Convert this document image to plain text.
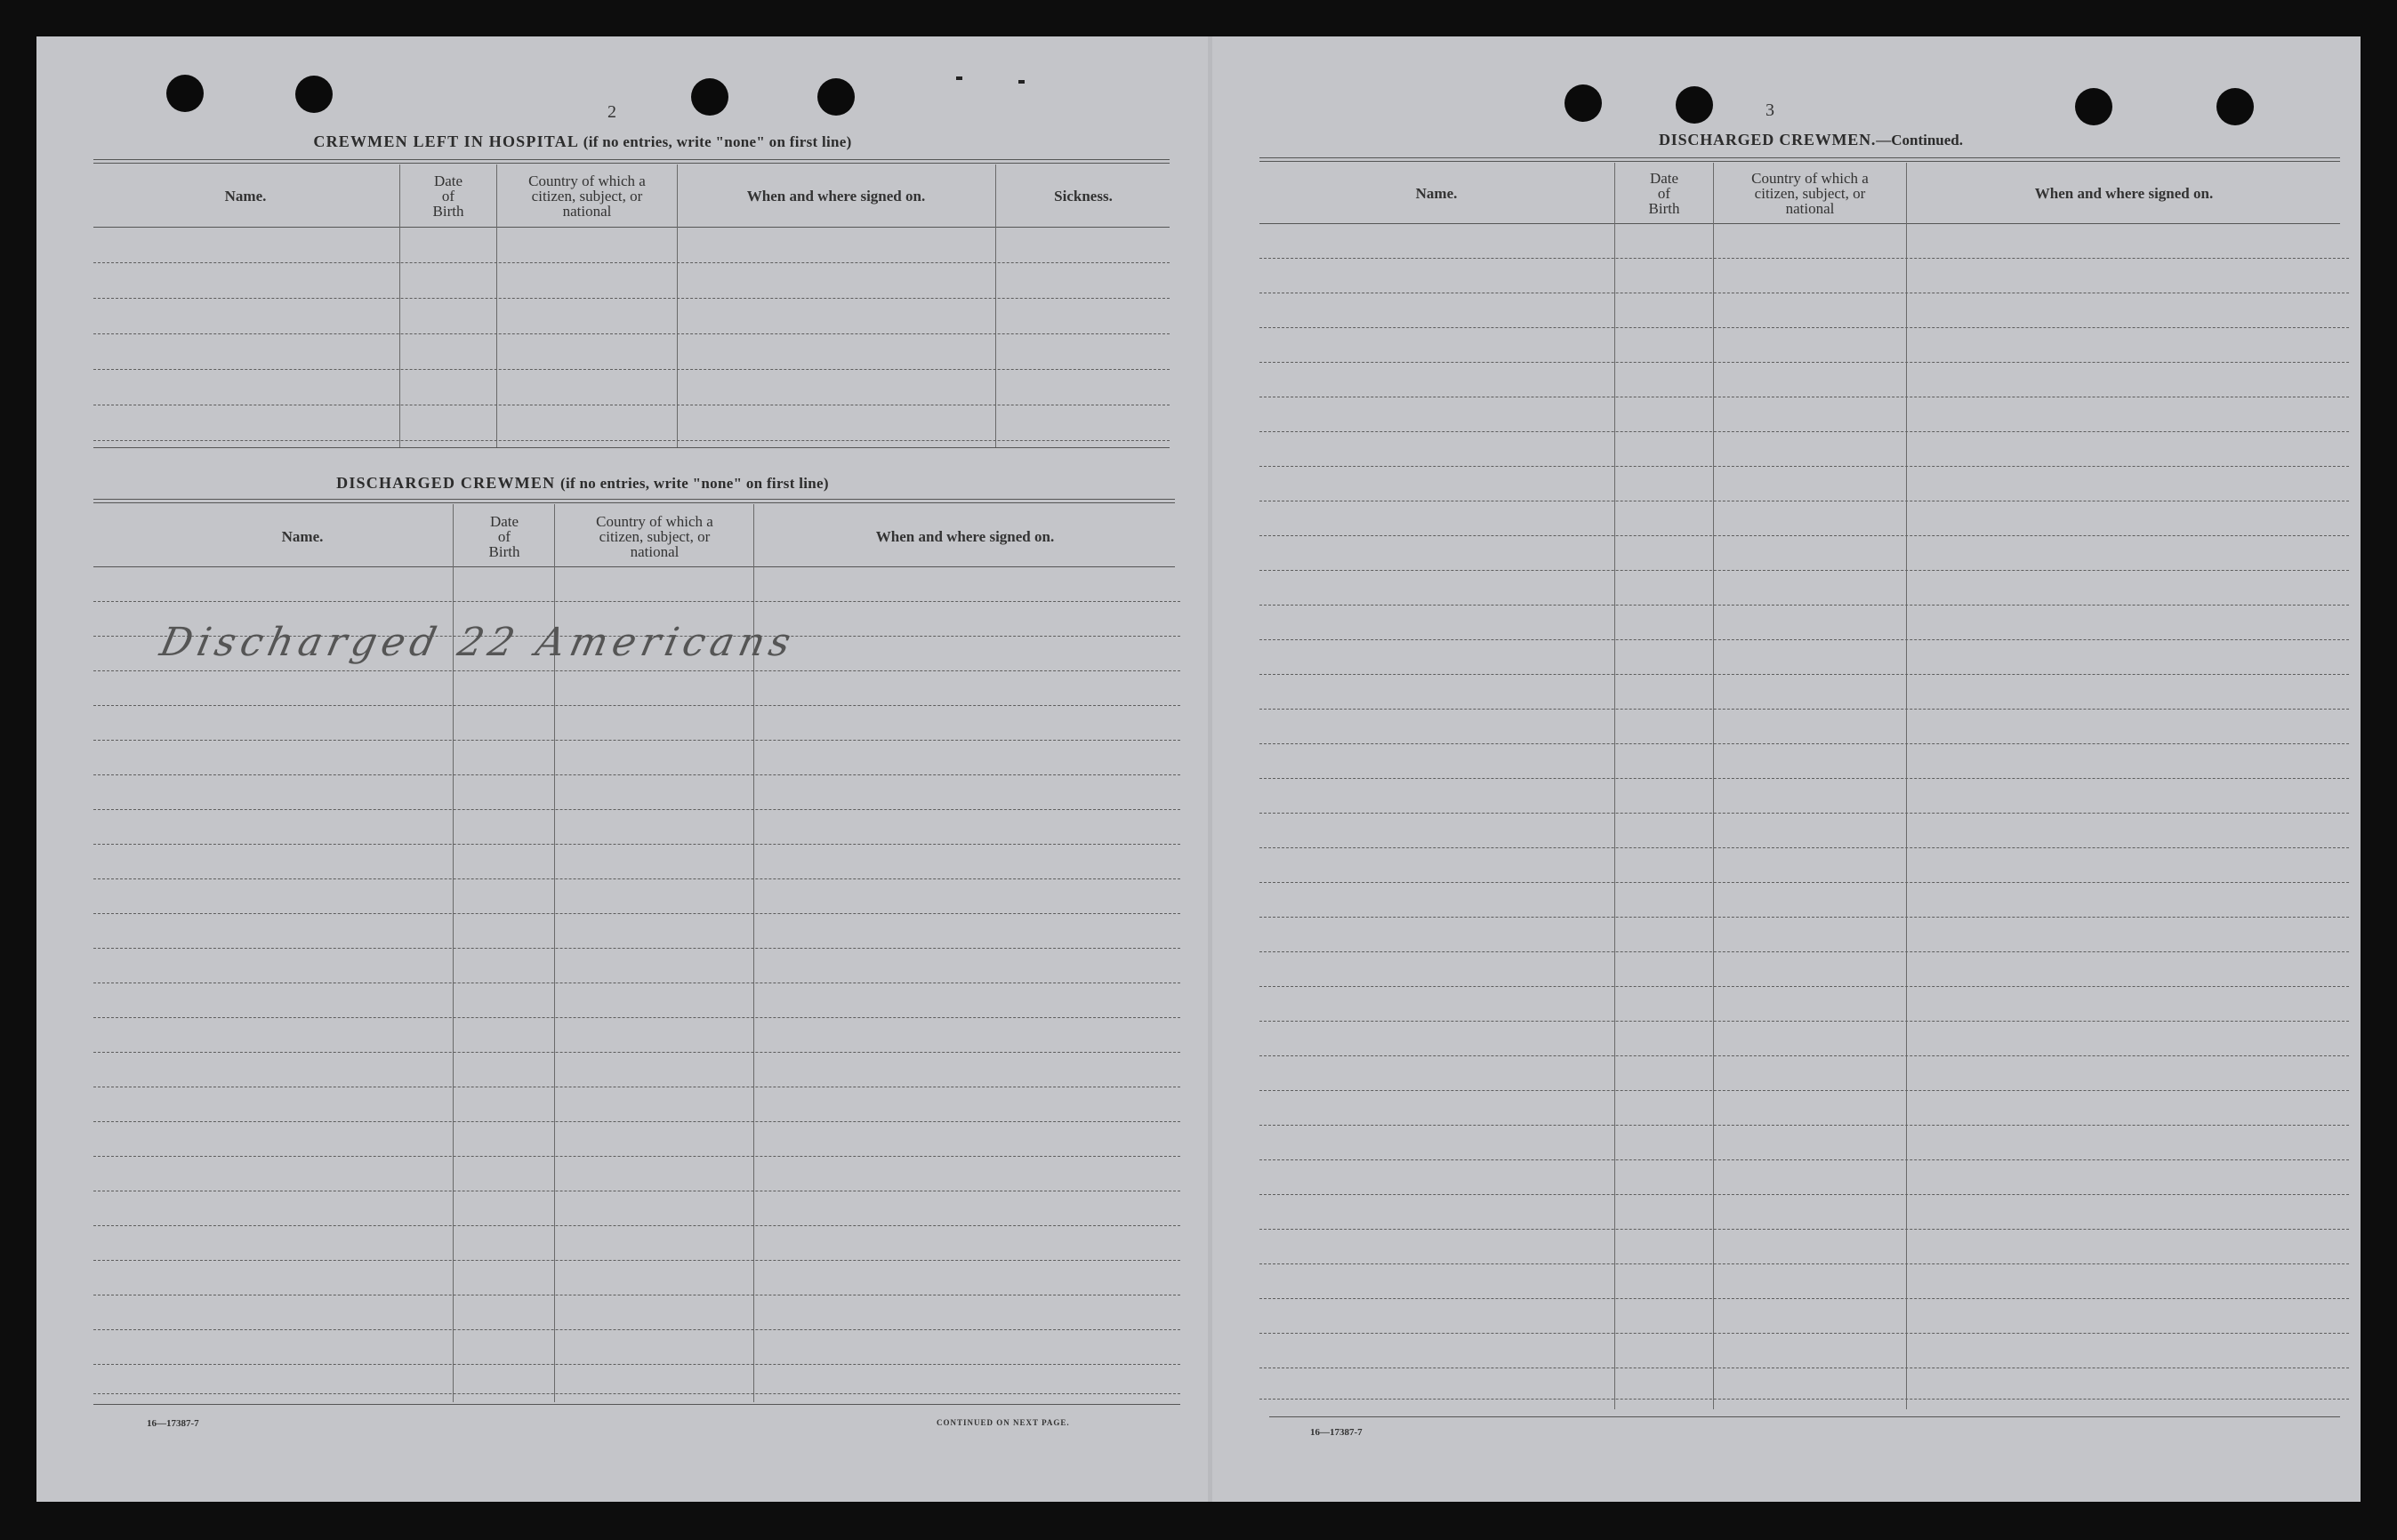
2
CREWMEN LEFT IN HOSPITAL (if no entries, write "none" on first line)
Name.
Date
of
Birth
Country of which a
citizen, subject, or
national
When and where signed on.	Sickness.
DISCHARGED CREWMEN (if no entries, write "none" on first line)
Name.
Date
of
Birth
Country of which a
citizen, subject, or
national
When and where signed on.
Discharged 22 Americans
16—17387-7	CONTINUED ON NEXT PAGE.
3
DISCHARGED CREWMEN.—Continued.
Name.
Date
of
Birth
Country of which a
citizen, subject, or
national
When and where signed on.
16—17387-7
